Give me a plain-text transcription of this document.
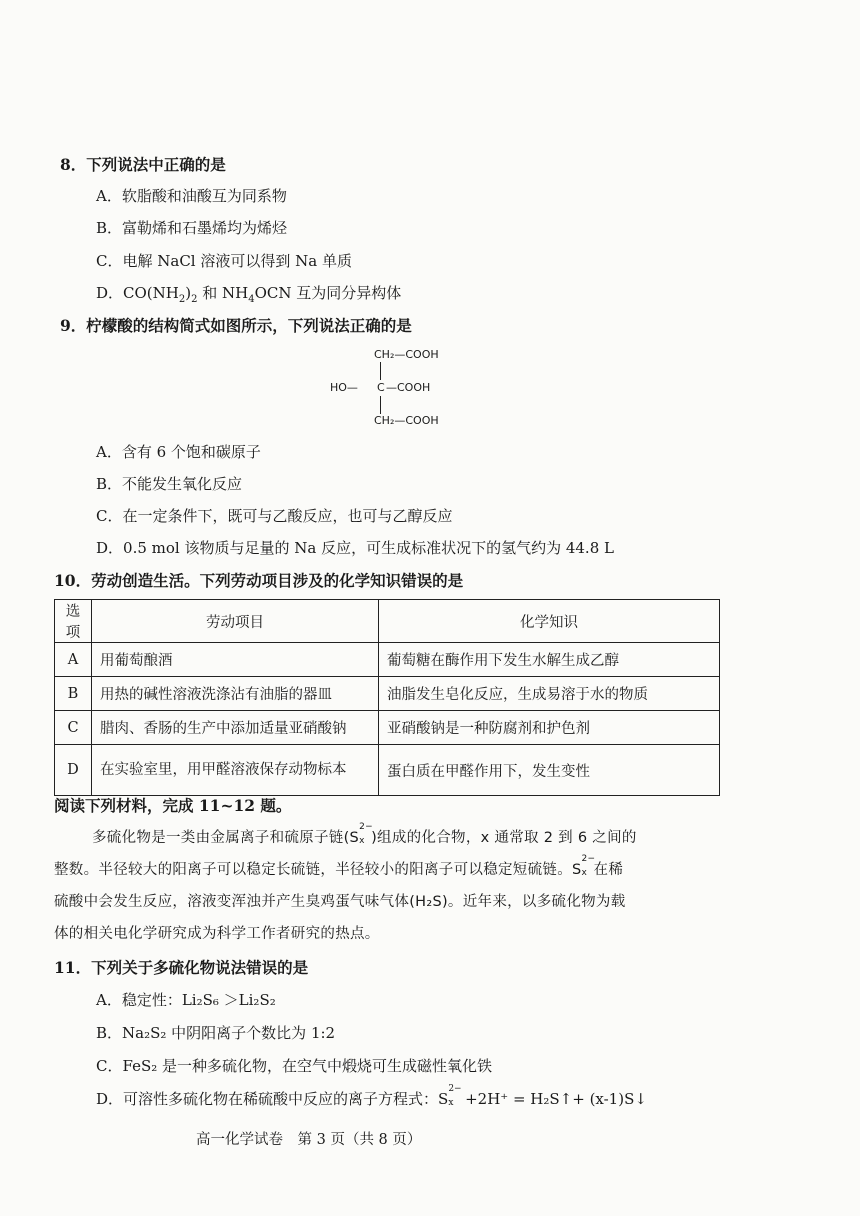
8．下列说法中正确的是
A．软脂酸和油酸互为同系物
B．富勒烯和石墨烯均为烯烃
C．电解 NaCl 溶液可以得到 Na 单质
D．$CO(NH_2)_2$ 和 $NH_4OCN$ 互为同分异构体
9．柠檬酸的结构简式如图所示，下列说法正确的是
CH₂—COOH
HO— C —COOH
CH₂—COOH
A．含有 6 个饱和碳原子
B．不能发生氧化反应
C．在一定条件下，既可与乙酸反应，也可与乙醇反应
D．0.5 mol 该物质与足量的 Na 反应，可生成标准状况下的氢气约为 44.8 L
10．劳动创造生活。下列劳动项目涉及的化学知识错误的是
选项	劳动项目	化学知识
A	用葡萄酿酒	葡萄糖在酶作用下发生水解生成乙醇
B	用热的碱性溶液洗涤沾有油脂的器皿	油脂发生皂化反应，生成易溶于水的物质
C	腊肉、香肠的生产中添加适量亚硝酸钠	亚硝酸钠是一种防腐剂和护色剂
D	在实验室里，用甲醛溶液保存动物标本	蛋白质在甲醛作用下，发生变性
阅读下列材料，完成 11~12 题。
多硫化物是一类由金属离子和硫原子链(S
2−
x )组成的化合物，x 通常取 2 到 6 之间的
整数。半径较大的阳离子可以稳定长硫链，半径较小的阳离子可以稳定短硫链。S
2−
x 在稀
硫酸中会发生反应，溶液变浑浊并产生臭鸡蛋气味气体(H₂S)。近年来，以多硫化物为载
体的相关电化学研究成为科学工作者研究的热点。
11．下列关于多硫化物说法错误的是
A．稳定性：Li₂S₆ ＞Li₂S₂
B．Na₂S₂ 中阴阳离子个数比为 1:2
C．FeS₂ 是一种多硫化物，在空气中煅烧可生成磁性氧化铁
D．可溶性多硫化物在稀硫酸中反应的离子方程式：S
2−
x +2H⁺ = H₂S↑+ (x-1)S↓
高一化学试卷　第 3 页（共 8 页）
